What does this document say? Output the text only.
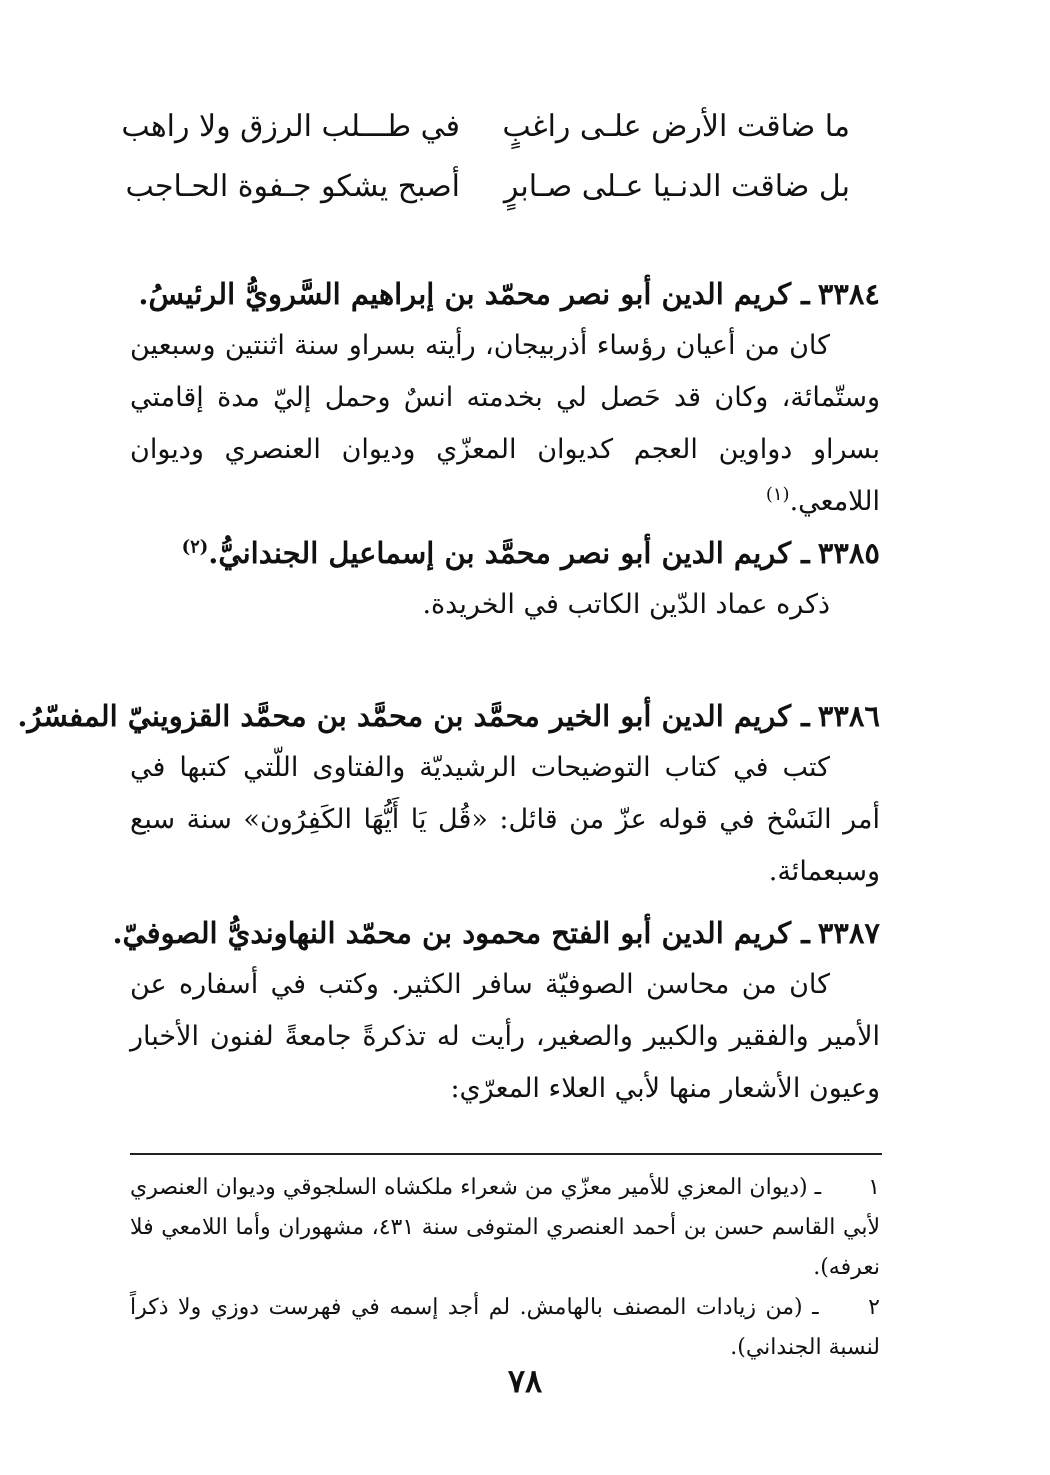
ما ضاقت الأرض علـى راغبٍ
في طـــلب الرزق ولا راهب
بل ضاقت الدنـيا عـلى صـابرٍ
أصبح يشكو جـفوة الحـاجب
٣٣٨٤ـ كريم الدين أبو نصر محمّد بن إبراهيم السَّرويُّ الرئيسُ.
كان من أعيان رؤساء أذربيجان، رأيته بسراو سنة اثنتين وسبعين وستّمائة، وكان قد حَصل لي بخدمته انسٌ وحمل إليّ مدة إقامتي بسراو دواوين العجم كديوان المعزّي وديوان العنصري وديوان اللامعي.$^{(١)}$
٣٣٨٥ـ كريم الدين أبو نصر محمَّد بن إسماعيل الجندانيُّ.$^{(٢)}$
ذكره عماد الدّين الكاتب في الخريدة.
٣٣٨٦ـ كريم الدين أبو الخير محمَّد بن محمَّد بن محمَّد القزوينيّ المفسّرُ.
كتب في كتاب التوضيحات الرشيديّة والفتاوى اللّتي كتبها في أمر النَسْخ في قوله عزّ من قائل: «قُل يَا أَيُّهَا الكَفِرُون» سنة سبع وسبعمائة.
٣٣٨٧ـ كريم الدين أبو الفتح محمود بن محمّد النهاونديُّ الصوفيّ.
كان من محاسن الصوفيّة سافر الكثير. وكتب في أسفاره عن الأمير والفقير والكبير والصغير، رأيت له تذكرةً جامعةً لفنون الأخبار وعيون الأشعار منها لأبي العلاء المعرّي:
١ ـ (ديوان المعزي للأمير معزّي من شعراء ملكشاه السلجوقي وديوان العنصري لأبي القاسم حسن بن أحمد العنصري المتوفى سنة ٤٣١، مشهوران وأما اللامعي فلا نعرفه).
٢ ـ (من زيادات المصنف بالهامش. لم أجد إسمه في فهرست دوزي ولا ذكراً لنسبة الجنداني).
٧٨
